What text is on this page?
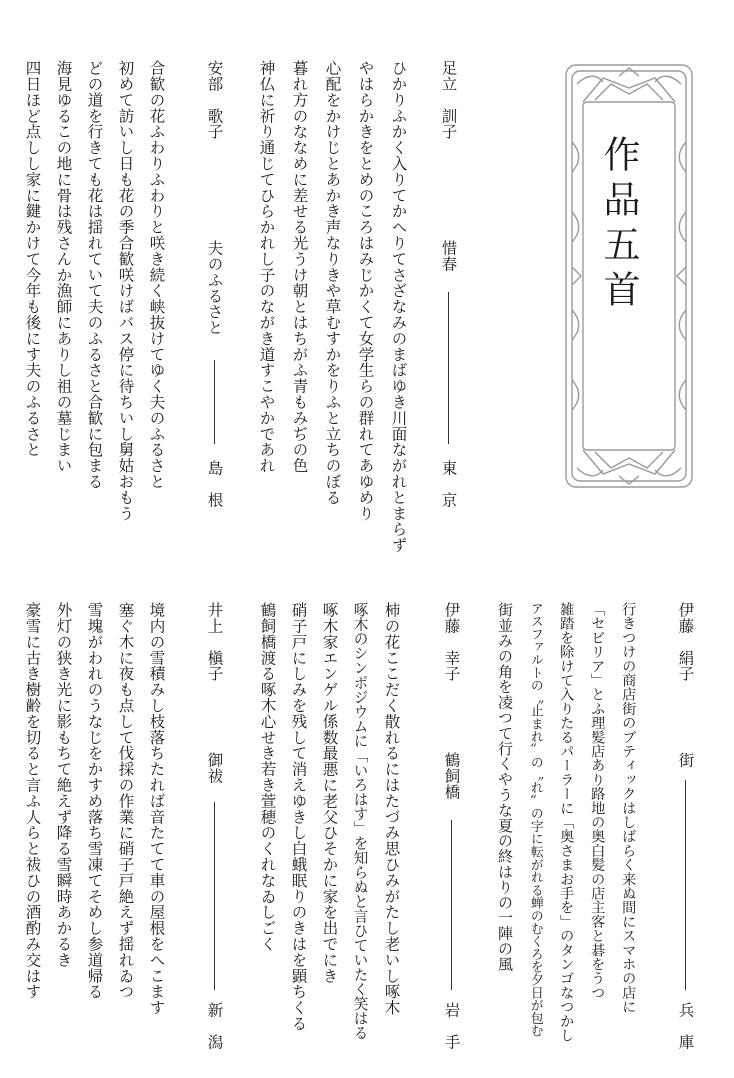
作品五首
足立　訓子
惜春
東　京
ひかりふかく入りてかへりてさざなみのまばゆき川面ながれとまらず
やはらかきをとめのころはみじかくて女学生らの群れてあゆめり
心配をかけじとあかき声なりきや草むすかをりふと立ちのぼる
暮れ方のななめに差せる光うけ朝とはちがふ青もみぢの色
神仏に祈り通じてひらかれし子のながき道すこやかであれ
安部　歌子
夫のふるさと
島　根
合歓の花ふわりふわりと咲き続く峡抜けてゆく夫のふるさと
初めて訪いし日も花の季合歓咲けばバス停に待ちいし舅姑おもう
どの道を行きても花は揺れていて夫のふるさと合歓に包まる
海見ゆるこの地に骨は残さんか漁師にありし祖の墓じまい
四日ほど点しし家に鍵かけて今年も後にす夫のふるさと
伊藤　絹子
街
兵　庫
行きつけの商店街のブティックはしばらく来ぬ間にスマホの店に
「セビリア」とふ理髪店あり路地の奥白髪の店主客と碁をうつ
雑踏を除けて入りたるパーラーに「奥さまお手を」のタンゴなつかし
アスファルトの〝止まれ〟の〝れ〟の字に転がれる蝉のむくろを夕日が包む
街並みの角を凌つて行くやうな夏の終はりの一陣の風
伊藤　幸子
鶴飼橋
岩　手
柿の花ここだく散れるにはたづみ思ひみがたし老いし啄木
啄木のシンポジウムに「いろはす」を知らぬと言ひていたく笑はる
啄木家エンゲル係数最悪に老父ひそかに家を出でにき
硝子戸にしみを残して消えゆきし白蛾眠りのきはを顕ちくる
鶴飼橋渡る啄木心せき若き萱穂のくれなゐしごく
井上　槇子
御祓
新　潟
境内の雪積みし枝落ちたれば音たてて車の屋根をへこます
塞ぐ木に夜も点して伐採の作業に硝子戸絶えず揺れゐつ
雪塊がわれのうなじをかすめ落ち雪凍てそめし参道帰る
外灯の狭き光に影もちて絶えず降る雪瞬時あかるき
豪雪に古き樹齢を切ると言ふ人らと祓ひの酒酌み交はす
